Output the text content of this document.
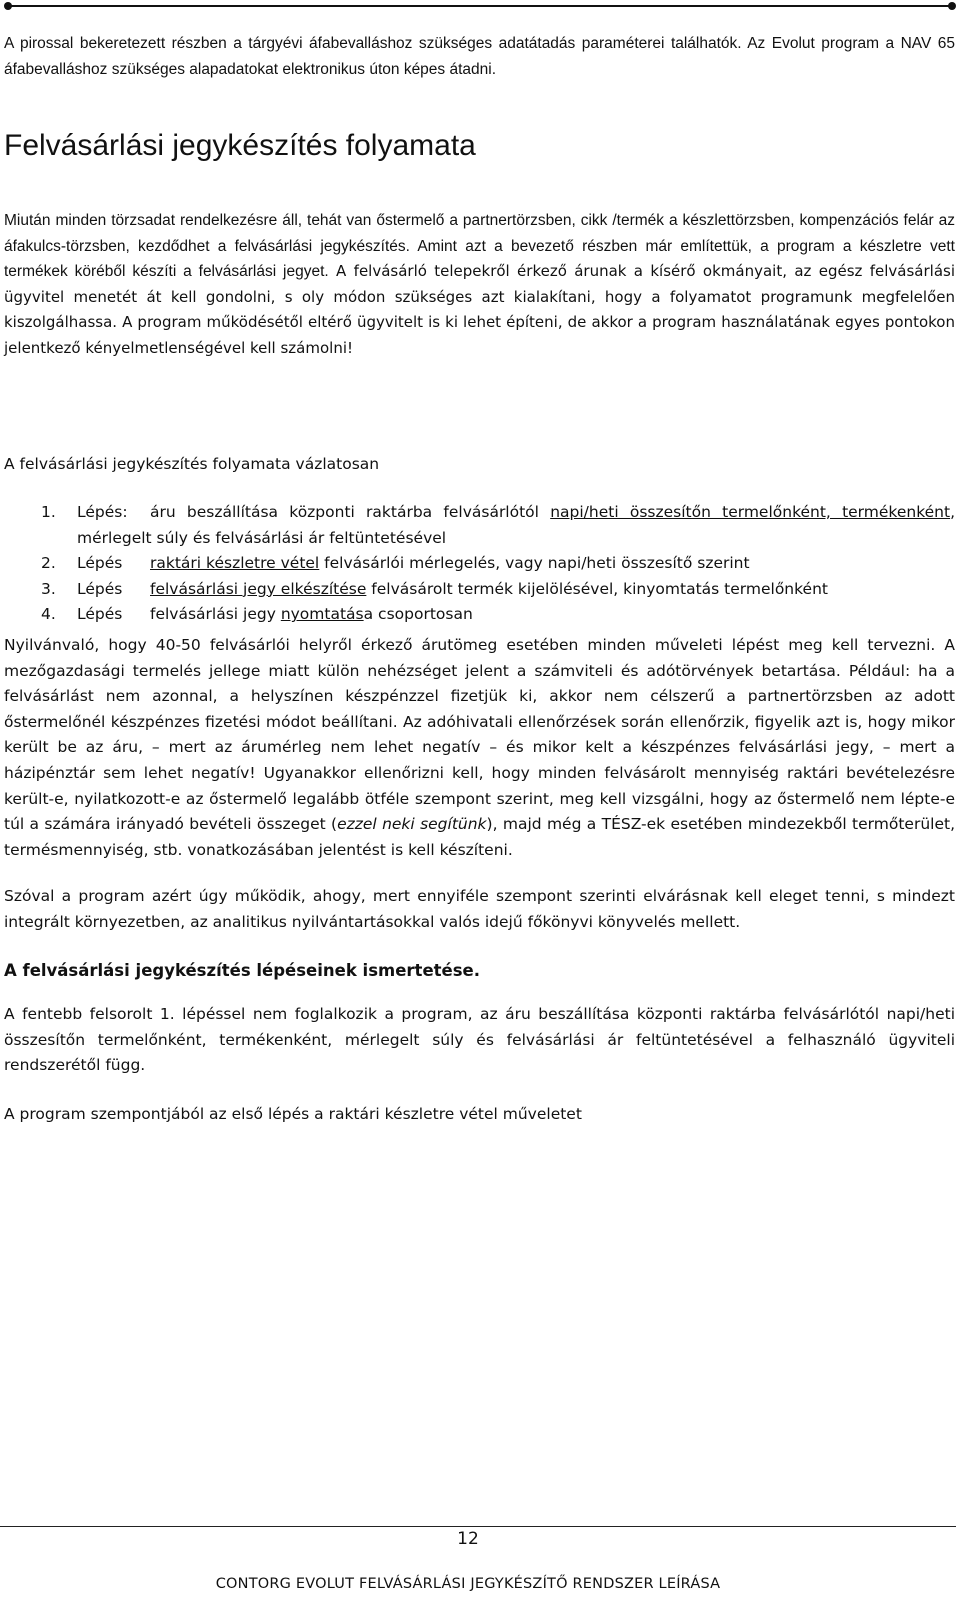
A pirossal bekeretezett részben a tárgyévi áfabevalláshoz szükséges adatátadás paraméterei találhatók. Az Evolut program a NAV 65 áfabevalláshoz szükséges alapadatokat elektronikus úton képes átadni.

Felvásárlási jegykészítés folyamata

Miután minden törzsadat rendelkezésre áll, tehát van őstermelő a partnertörzsben, cikk /termék a készlettörzsben, kompenzációs felár az áfakulcs-törzsben, kezdődhet a felvásárlási jegykészítés. Amint azt a bevezető részben már említettük, a program a készletre vett termékek köréből készíti a felvásárlási jegyet. A felvásárló telepekről érkező árunak a kísérő okmányait, az egész felvásárlási ügyvitel menetét át kell gondolni, s oly módon szükséges azt kialakítani, hogy a folyamatot programunk megfelelően kiszolgálhassa. A program működésétől eltérő ügyvitelt is ki lehet építeni, de akkor a program használatának egyes pontokon jelentkező kényelmetlenségével kell számolni!

A felvásárlási jegykészítés folyamata vázlatosan

1. Lépés: áru beszállítása központi raktárba felvásárlótól napi/heti összesítőn termelőnként, termékenként, mérlegelt súly és felvásárlási ár feltüntetésével
2. Lépés raktári készletre vétel felvásárlói mérlegelés, vagy napi/heti összesítő szerint
3. Lépés felvásárlási jegy elkészítése felvásárolt termék kijelölésével, kinyomtatás termelőnként
4. Lépés felvásárlási jegy nyomtatása csoportosan

Nyilvánvaló, hogy 40-50 felvásárlói helyről érkező árutömeg esetében minden műveleti lépést meg kell tervezni. A mezőgazdasági termelés jellege miatt külön nehézséget jelent a számviteli és adótörvények betartása. Például: ha a felvásárlást nem azonnal, a helyszínen készpénzzel fizetjük ki, akkor nem célszerű a partnertörzsben az adott őstermelőnél készpénzes fizetési módot beállítani. Az adóhivatali ellenőrzések során ellenőrzik, figyelik azt is, hogy mikor került be az áru, – mert az árumérleg nem lehet negatív – és mikor kelt a készpénzes felvásárlási jegy, – mert a házipénztár sem lehet negatív! Ugyanakkor ellenőrizni kell, hogy minden felvásárolt mennyiség raktári bevételezésre került-e, nyilatkozott-e az őstermelő legalább ötféle szempont szerint, meg kell vizsgálni, hogy az őstermelő nem lépte-e túl a számára irányadó bevételi összeget (ezzel neki segítünk), majd még a TÉSZ-ek esetében mindezekből termőterület, termésmennyiség, stb. vonatkozásában jelentést is kell készíteni.

Szóval a program azért úgy működik, ahogy, mert ennyiféle szempont szerinti elvárásnak kell eleget tenni, s mindezt integrált környezetben, az analitikus nyilvántartásokkal valós idejű főkönyvi könyvelés mellett.

A felvásárlási jegykészítés lépéseinek ismertetése.

A fentebb felsorolt 1. lépéssel nem foglalkozik a program, az áru beszállítása központi raktárba felvásárlótól napi/heti összesítőn termelőnként, termékenként, mérlegelt súly és felvásárlási ár feltüntetésével a felhasználó ügyviteli rendszerétől függ.

A program szempontjából az első lépés a raktári készletre vétel műveletet

12
CONTORG EVOLUT FELVÁSÁRLÁSI JEGYKÉSZÍTŐ RENDSZER LEÍRÁSA
